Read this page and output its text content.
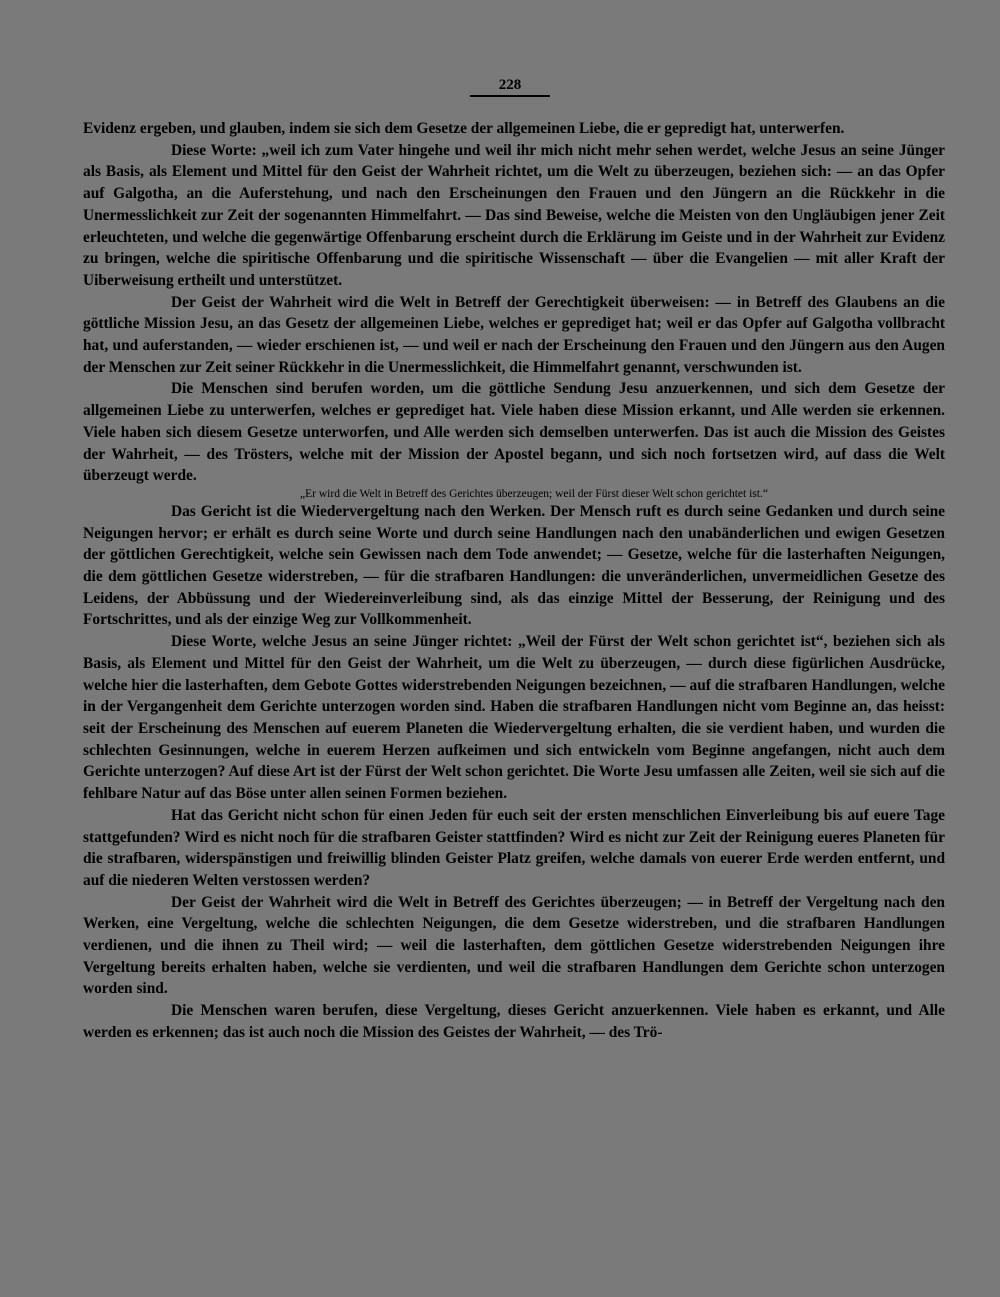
228

Evidenz ergeben, und glauben, indem sie sich dem Gesetze der allgemeinen Liebe, die er gepredigt hat, unterwerfen.

Diese Worte: „weil ich zum Vater hingehe und weil ihr mich nicht mehr sehen werdet, welche Jesus an seine Jünger als Basis, als Element und Mittel für den Geist der Wahrheit richtet, um die Welt zu überzeugen, beziehen sich: — an das Opfer auf Galgotha, an die Auferstehung, und nach den Erscheinungen den Frauen und den Jüngern an die Rückkehr in die Unermesslichkeit zur Zeit der sogenannten Himmelfahrt. — Das sind Beweise, welche die Meisten von den Ungläubigen jener Zeit erleuchteten, und welche die gegenwärtige Offenbarung erscheint durch die Erklärung im Geiste und in der Wahrheit zur Evidenz zu bringen, welche die spiritische Offenbarung und die spiritische Wissenschaft — über die Evangelien — mit aller Kraft der Uiberweisung ertheilt und unterstützet.

Der Geist der Wahrheit wird die Welt in Betreff der Gerechtigkeit überweisen: — in Betreff des Glaubens an die göttliche Mission Jesu, an das Gesetz der allgemeinen Liebe, welches er geprediget hat; weil er das Opfer auf Galgotha vollbracht hat, und auferstanden, — wieder erschienen ist, — und weil er nach der Erscheinung den Frauen und den Jüngern aus den Augen der Menschen zur Zeit seiner Rückkehr in die Unermesslichkeit, die Himmelfahrt genannt, verschwunden ist.

Die Menschen sind berufen worden, um die göttliche Sendung Jesu anzuerkennen, und sich dem Gesetze der allgemeinen Liebe zu unterwerfen, welches er geprediget hat. Viele haben diese Mission erkannt, und Alle werden sie erkennen. Viele haben sich diesem Gesetze unterworfen, und Alle werden sich demselben unterwerfen. Das ist auch die Mission des Geistes der Wahrheit, — des Trösters, welche mit der Mission der Apostel begann, und sich noch fortsetzen wird, auf dass die Welt überzeugt werde.

„Er wird die Welt in Betreff des Gerichtes überzeugen; weil der Fürst dieser Welt schon gerichtet ist.“

Das Gericht ist die Wiedervergeltung nach den Werken. Der Mensch ruft es durch seine Gedanken und durch seine Neigungen hervor; er erhält es durch seine Worte und durch seine Handlungen nach den unabänderlichen und ewigen Gesetzen der göttlichen Gerechtigkeit, welche sein Gewissen nach dem Tode anwendet; — Gesetze, welche für die lasterhaften Neigungen, die dem göttlichen Gesetze widerstreben, — für die strafbaren Handlungen: die unveränderlichen, unvermeidlichen Gesetze des Leidens, der Abbüssung und der Wiedereinverleibung sind, als das einzige Mittel der Besserung, der Reinigung und des Fortschrittes, und als der einzige Weg zur Vollkommenheit.

Diese Worte, welche Jesus an seine Jünger richtet: „Weil der Fürst der Welt schon gerichtet ist“, beziehen sich als Basis, als Element und Mittel für den Geist der Wahrheit, um die Welt zu überzeugen, — durch diese figürlichen Ausdrücke, welche hier die lasterhaften, dem Gebote Gottes widerstrebenden Neigungen bezeichnen, — auf die strafbaren Handlungen, welche in der Vergangenheit dem Gerichte unterzogen worden sind. Haben die strafbaren Handlungen nicht vom Beginne an, das heisst: seit der Erscheinung des Menschen auf euerem Planeten die Wiedervergeltung erhalten, die sie verdient haben, und wurden die schlechten Gesinnungen, welche in euerem Herzen aufkeimen und sich entwickeln vom Beginne angefangen, nicht auch dem Gerichte unterzogen? Auf diese Art ist der Fürst der Welt schon gerichtet. Die Worte Jesu umfassen alle Zeiten, weil sie sich auf die fehlbare Natur auf das Böse unter allen seinen Formen beziehen.

Hat das Gericht nicht schon für einen Jeden für euch seit der ersten menschlichen Einverleibung bis auf euere Tage stattgefunden? Wird es nicht noch für die strafbaren Geister stattfinden? Wird es nicht zur Zeit der Reinigung eueres Planeten für die strafbaren, widerspänstigen und freiwillig blinden Geister Platz greifen, welche damals von euerer Erde werden entfernt, und auf die niederen Welten verstossen werden?

Der Geist der Wahrheit wird die Welt in Betreff des Gerichtes überzeugen; — in Betreff der Vergeltung nach den Werken, eine Vergeltung, welche die schlechten Neigungen, die dem Gesetze widerstreben, und die strafbaren Handlungen verdienen, und die ihnen zu Theil wird; — weil die lasterhaften, dem göttlichen Gesetze widerstrebenden Neigungen ihre Vergeltung bereits erhalten haben, welche sie verdienten, und weil die strafbaren Handlungen dem Gerichte schon unterzogen worden sind.

Die Menschen waren berufen, diese Vergeltung, dieses Gericht anzuerkennen. Viele haben es erkannt, und Alle werden es erkennen; das ist auch noch die Mission des Geistes der Wahrheit, — des Trö-
